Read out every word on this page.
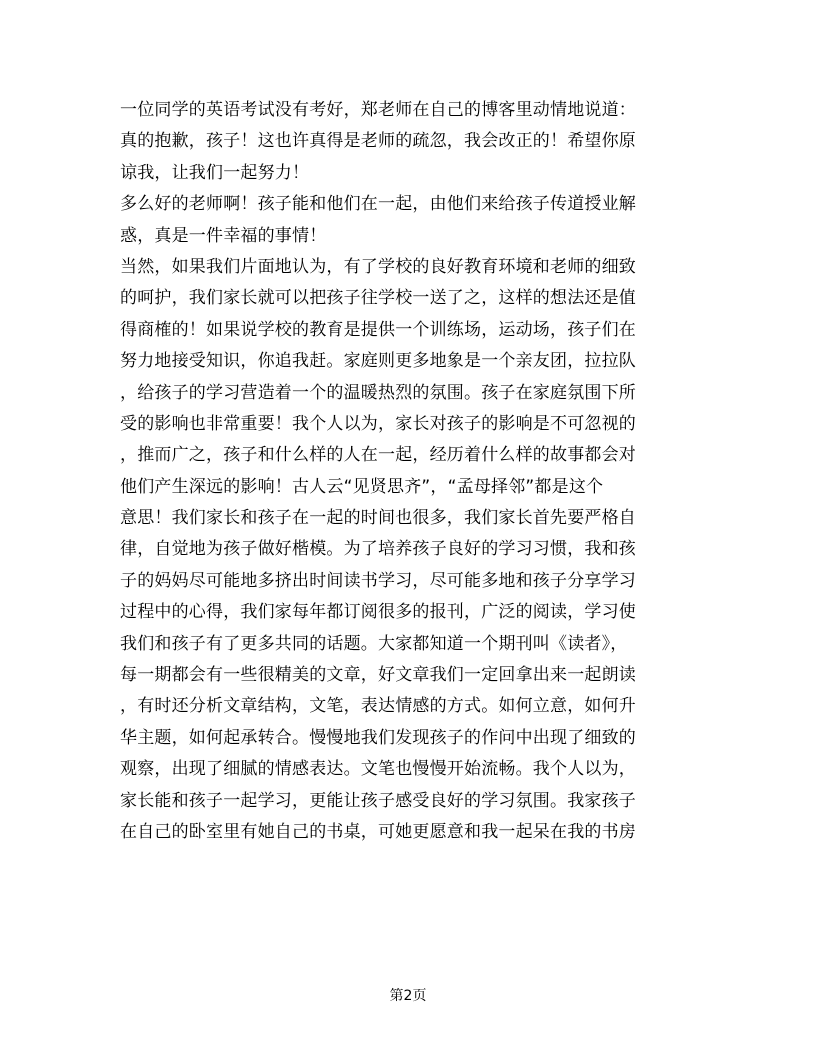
一位同学的英语考试没有考好，郑老师在自己的博客里动情地说道：
真的抱歉，孩子！这也许真得是老师的疏忽，我会改正的！希望你原
谅我，让我们一起努力！
多么好的老师啊！孩子能和他们在一起，由他们来给孩子传道授业解
惑，真是一件幸福的事情！
当然，如果我们片面地认为，有了学校的良好教育环境和老师的细致
的呵护，我们家长就可以把孩子往学校一送了之，这样的想法还是值
得商榷的！如果说学校的教育是提供一个训练场，运动场，孩子们在
努力地接受知识，你追我赶。家庭则更多地象是一个亲友团，拉拉队
，给孩子的学习营造着一个的温暖热烈的氛围。孩子在家庭氛围下所
受的影响也非常重要！我个人以为，家长对孩子的影响是不可忽视的
，推而广之，孩子和什么样的人在一起，经历着什么样的故事都会对
他们产生深远的影响！古人云“见贤思齐”，“孟母择邻”都是这个
意思！我们家长和孩子在一起的时间也很多，我们家长首先要严格自
律，自觉地为孩子做好楷模。为了培养孩子良好的学习习惯，我和孩
子的妈妈尽可能地多挤出时间读书学习，尽可能多地和孩子分享学习
过程中的心得，我们家每年都订阅很多的报刊，广泛的阅读，学习使
我们和孩子有了更多共同的话题。大家都知道一个期刊叫《读者》，
每一期都会有一些很精美的文章，好文章我们一定回拿出来一起朗读
，有时还分析文章结构，文笔，表达情感的方式。如何立意，如何升
华主题，如何起承转合。慢慢地我们发现孩子的作问中出现了细致的
观察，出现了细腻的情感表达。文笔也慢慢开始流畅。我个人以为，
家长能和孩子一起学习，更能让孩子感受良好的学习氛围。我家孩子
在自己的卧室里有她自己的书桌，可她更愿意和我一起呆在我的书房
第2页
